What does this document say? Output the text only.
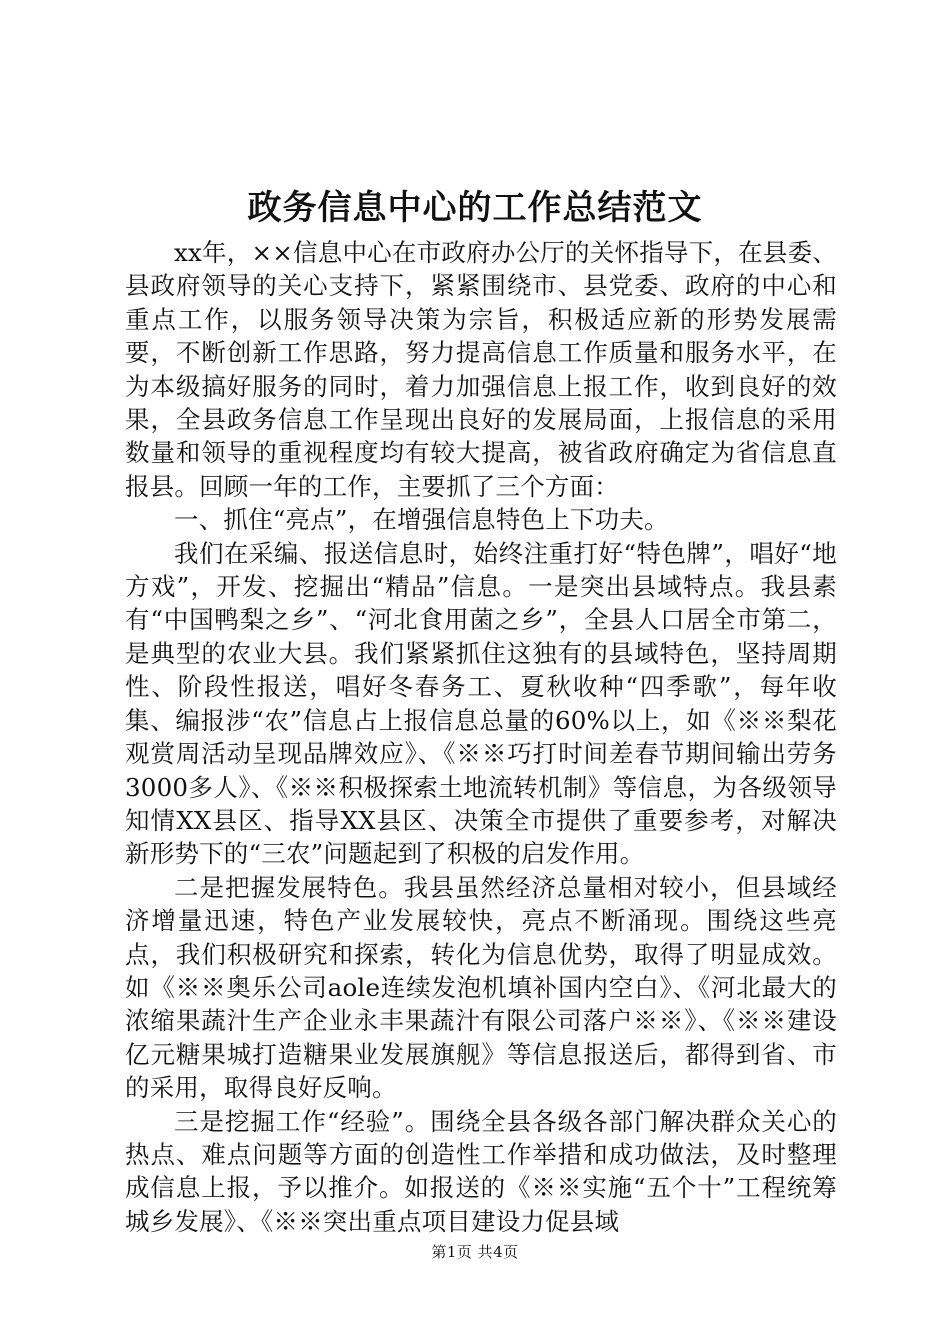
政务信息中心的工作总结范文

xx年，××信息中心在市政府办公厅的关怀指导下，在县委、县政府领导的关心支持下，紧紧围绕市、县党委、政府的中心和重点工作，以服务领导决策为宗旨，积极适应新的形势发展需要，不断创新工作思路，努力提高信息工作质量和服务水平，在为本级搞好服务的同时，着力加强信息上报工作，收到良好的效果，全县政务信息工作呈现出良好的发展局面，上报信息的采用数量和领导的重视程度均有较大提高，被省政府确定为省信息直报县。回顾一年的工作，主要抓了三个方面：

一、抓住“亮点”，在增强信息特色上下功夫。

我们在采编、报送信息时，始终注重打好“特色牌”，唱好“地方戏”，开发、挖掘出“精品”信息。一是突出县域特点。我县素有“中国鸭梨之乡”、“河北食用菌之乡”，全县人口居全市第二，是典型的农业大县。我们紧紧抓住这独有的县域特色，坚持周期性、阶段性报送，唱好冬春务工、夏秋收种“四季歌”，每年收集、编报涉“农”信息占上报信息总量的60%以上，如《※※梨花观赏周活动呈现品牌效应》、《※※巧打时间差春节期间输出劳务3000多人》、《※※积极探索土地流转机制》等信息，为各级领导知情XX县区、指导XX县区、决策全市提供了重要参考，对解决新形势下的“三农”问题起到了积极的启发作用。

二是把握发展特色。我县虽然经济总量相对较小，但县域经济增量迅速，特色产业发展较快，亮点不断涌现。围绕这些亮点，我们积极研究和探索，转化为信息优势，取得了明显成效。如《※※奥乐公司aole连续发泡机填补国内空白》、《河北最大的浓缩果蔬汁生产企业永丰果蔬汁有限公司落户※※》、《※※建设亿元糖果城打造糖果业发展旗舰》等信息报送后，都得到省、市的采用，取得良好反响。

三是挖掘工作“经验”。围绕全县各级各部门解决群众关心的热点、难点问题等方面的创造性工作举措和成功做法，及时整理成信息上报，予以推介。如报送的《※※实施“五个十”工程统筹城乡发展》、《※※突出重点项目建设力促县域

第1页 共4页
